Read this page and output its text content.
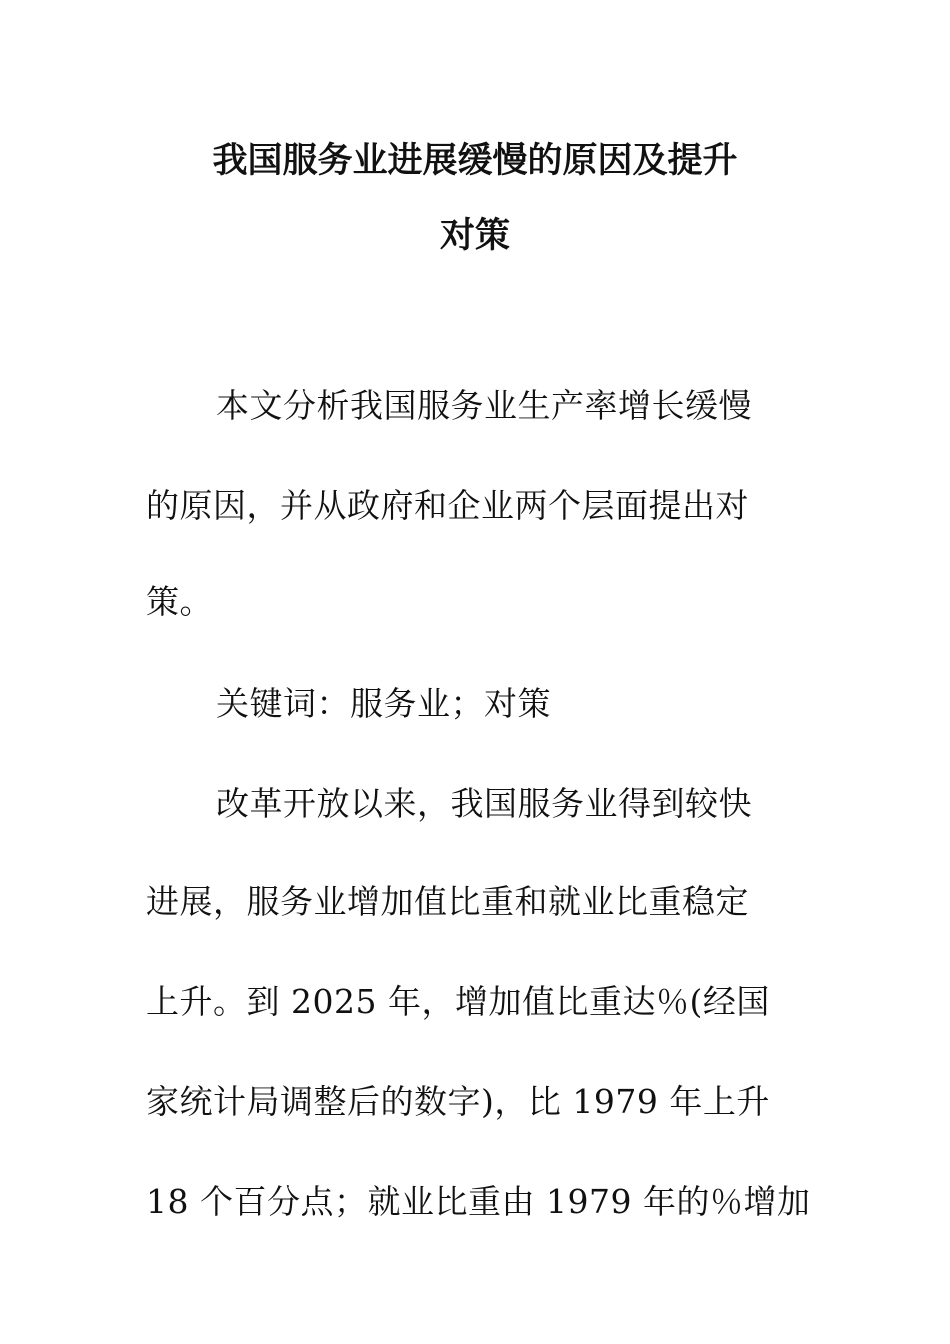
我国服务业进展缓慢的原因及提升
对策
本文分析我国服务业生产率增长缓慢
的原因，并从政府和企业两个层面提出对
策。
关键词：服务业；对策
改革开放以来，我国服务业得到较快
进展，服务业增加值比重和就业比重稳定
上升。到 2025 年，增加值比重达％(经国
家统计局调整后的数字)，比 1979 年上升
18 个百分点；就业比重由 1979 年的％增加
